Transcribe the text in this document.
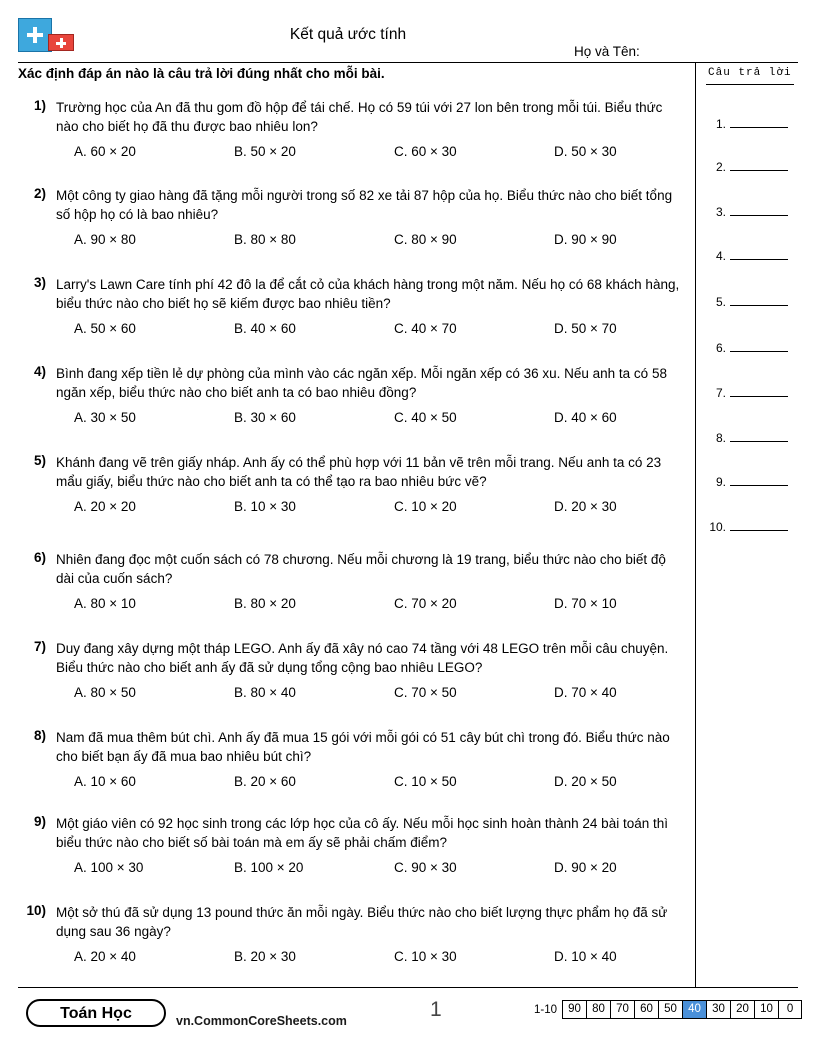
Kết quả ước tính
Họ và Tên:
Xác định đáp án nào là câu trả lời đúng nhất cho mỗi bài.	Câu trả lời
1.
2.
3.
4.
5.
6.
7.
8.
9.
10.
1) Trường học của An đã thu gom đồ hộp để tái chế. Họ có 59 túi với 27 lon bên trong mỗi túi. Biểu thức nào cho biết họ đã thu được bao nhiêu lon?
A. 60 × 20	B. 50 × 20	C. 60 × 30	D. 50 × 30
2) Một công ty giao hàng đã tặng mỗi người trong số 82 xe tải 87 hộp của họ. Biểu thức nào cho biết tổng số hộp họ có là bao nhiêu?
A. 90 × 80	B. 80 × 80	C. 80 × 90	D. 90 × 90
3) Larry's Lawn Care tính phí 42 đô la để cắt cỏ của khách hàng trong một năm. Nếu họ có 68 khách hàng, biểu thức nào cho biết họ sẽ kiếm được bao nhiêu tiền?
A. 50 × 60	B. 40 × 60	C. 40 × 70	D. 50 × 70
4) Bình đang xếp tiền lẻ dự phòng của mình vào các ngăn xếp. Mỗi ngăn xếp có 36 xu. Nếu anh ta có 58 ngăn xếp, biểu thức nào cho biết anh ta có bao nhiêu đồng?
A. 30 × 50	B. 30 × 60	C. 40 × 50	D. 40 × 60
5) Khánh đang vẽ trên giấy nháp. Anh ấy có thể phù hợp với 11 bản vẽ trên mỗi trang. Nếu anh ta có 23 mẩu giấy, biểu thức nào cho biết anh ta có thể tạo ra bao nhiêu bức vẽ?
A. 20 × 20	B. 10 × 30	C. 10 × 20	D. 20 × 30
6) Nhiên đang đọc một cuốn sách có 78 chương. Nếu mỗi chương là 19 trang, biểu thức nào cho biết độ dài của cuốn sách?
A. 80 × 10	B. 80 × 20	C. 70 × 20	D. 70 × 10
7) Duy đang xây dựng một tháp LEGO. Anh ấy đã xây nó cao 74 tầng với 48 LEGO trên mỗi câu chuyện. Biểu thức nào cho biết anh ấy đã sử dụng tổng cộng bao nhiêu LEGO?
A. 80 × 50	B. 80 × 40	C. 70 × 50	D. 70 × 40
8) Nam đã mua thêm bút chì. Anh ấy đã mua 15 gói với mỗi gói có 51 cây bút chì trong đó. Biểu thức nào cho biết bạn ấy đã mua bao nhiêu bút chì?
A. 10 × 60	B. 20 × 60	C. 10 × 50	D. 20 × 50
9) Một giáo viên có 92 học sinh trong các lớp học của cô ấy. Nếu mỗi học sinh hoàn thành 24 bài toán thì biểu thức nào cho biết số bài toán mà em ấy sẽ phải chấm điểm?
A. 100 × 30	B. 100 × 20	C. 90 × 30	D. 90 × 20
10) Một sở thú đã sử dụng 13 pound thức ăn mỗi ngày. Biểu thức nào cho biết lượng thực phẩm họ đã sử dụng sau 36 ngày?
A. 20 × 40	B. 20 × 30	C. 10 × 30	D. 10 × 40
Toán Học	vn.CommonCoreSheets.com	1	1-10 90 80 70 60 50 40 30 20 10	0
